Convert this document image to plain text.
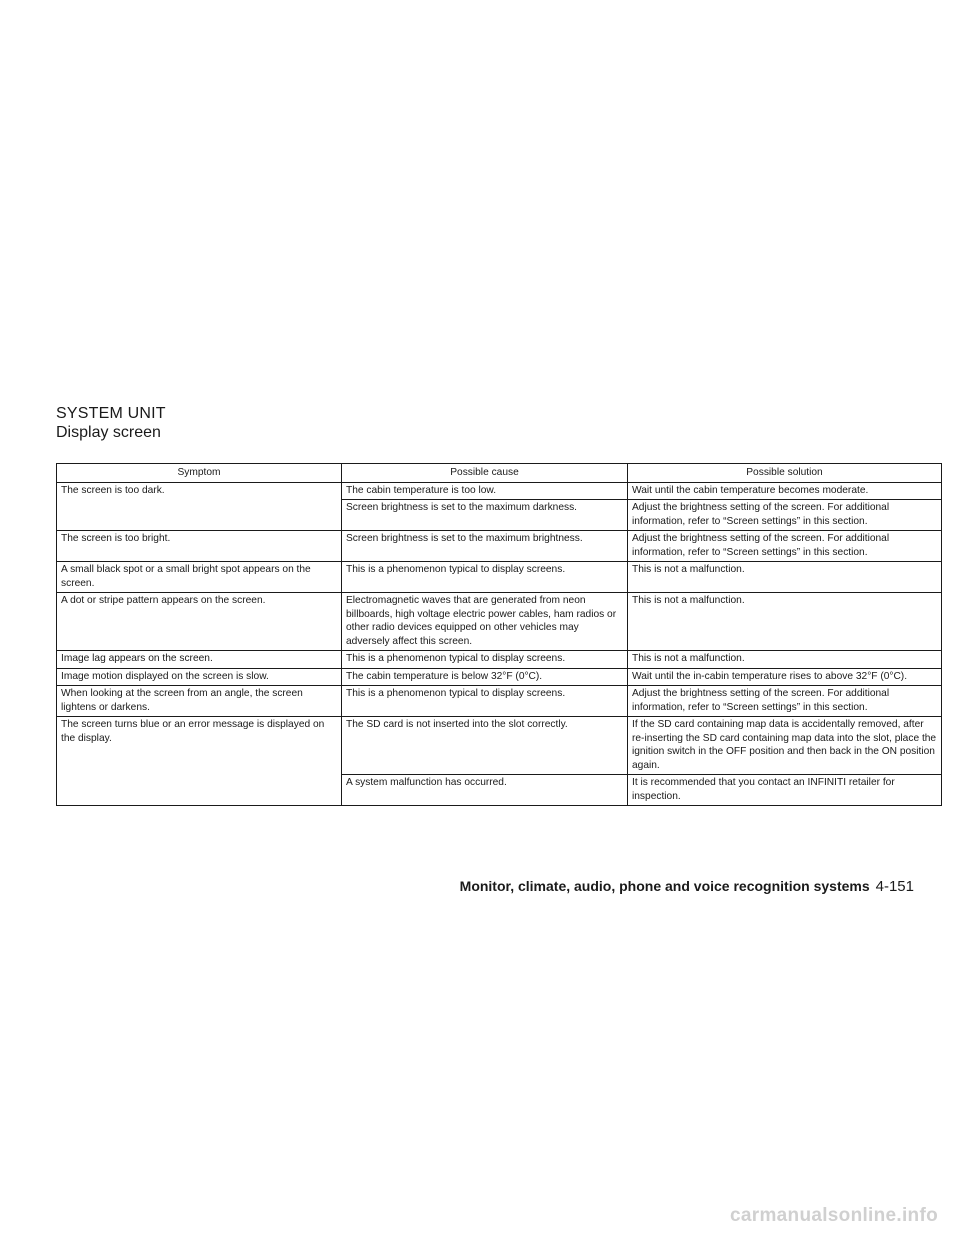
SYSTEM UNIT
Display screen
Symptom	Possible cause	Possible solution
The screen is too dark.	The cabin temperature is too low.	Wait until the cabin temperature becomes moderate.
	Screen brightness is set to the maximum darkness.	Adjust the brightness setting of the screen. For additional information, refer to “Screen settings” in this section.
The screen is too bright.	Screen brightness is set to the maximum brightness.	Adjust the brightness setting of the screen. For additional information, refer to “Screen settings” in this section.
A small black spot or a small bright spot appears on the screen.	This is a phenomenon typical to display screens.	This is not a malfunction.
A dot or stripe pattern appears on the screen.	Electromagnetic waves that are generated from neon billboards, high voltage electric power cables, ham radios or other radio devices equipped on other vehicles may adversely affect this screen.	This is not a malfunction.
Image lag appears on the screen.	This is a phenomenon typical to display screens.	This is not a malfunction.
Image motion displayed on the screen is slow.	The cabin temperature is below 32°F (0°C).	Wait until the in-cabin temperature rises to above 32°F (0°C).
When looking at the screen from an angle, the screen lightens or darkens.	This is a phenomenon typical to display screens.	Adjust the brightness setting of the screen. For additional information, refer to “Screen settings” in this section.
The screen turns blue or an error message is displayed on the display.	The SD card is not inserted into the slot correctly.	If the SD card containing map data is accidentally removed, after re-inserting the SD card containing map data into the slot, place the ignition switch in the OFF position and then back in the ON position again.
	A system malfunction has occurred.	It is recommended that you contact an INFINITI retailer for inspection.
Monitor, climate, audio, phone and voice recognition systems 4-151
carmanualsonline.info
